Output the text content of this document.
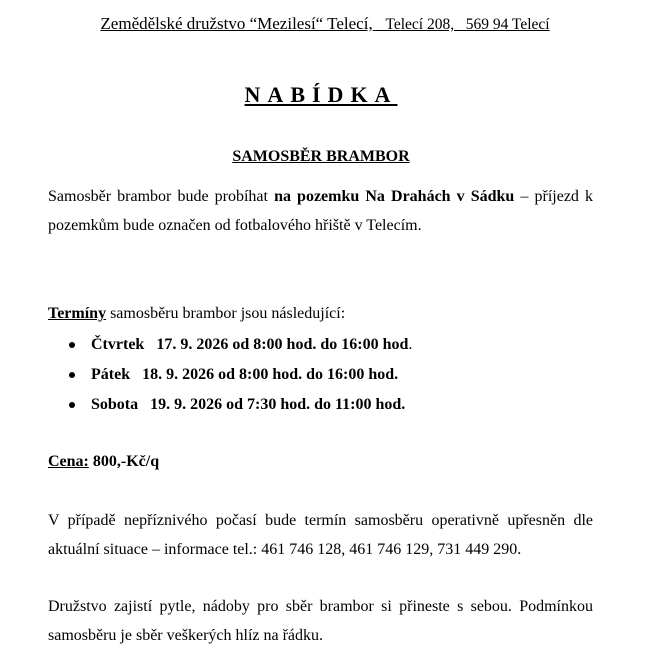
Zemědělské družstvo “Mezilesí“ Telecí, Telecí 208,   569 94 Telecí
NABÍDKA
SAMOSBĚR BRAMBOR
Samosběr brambor bude probíhat na pozemku Na Drahách v Sádku – příjezd k pozemkům bude označen od fotbalového hřiště v Telecím.
Termíny samosběru brambor jsou následující:
Čtvrtek 17. 9. 2026 od 8:00 hod. do 16:00 hod.
Pátek 18. 9. 2026 od 8:00 hod. do 16:00 hod.
Sobota 19. 9. 2026 od 7:30 hod. do 11:00 hod.
Cena: 800,-Kč/q
V případě nepříznivého počasí bude termín samosběru operativně upřesněn dle aktuální situace – informace tel.: 461 746 128, 461 746 129, 731 449 290.
Družstvo zajistí pytle, nádoby pro sběr brambor si přineste s sebou. Podmínkou samosběru je sběr veškerých hlíz na řádku.
